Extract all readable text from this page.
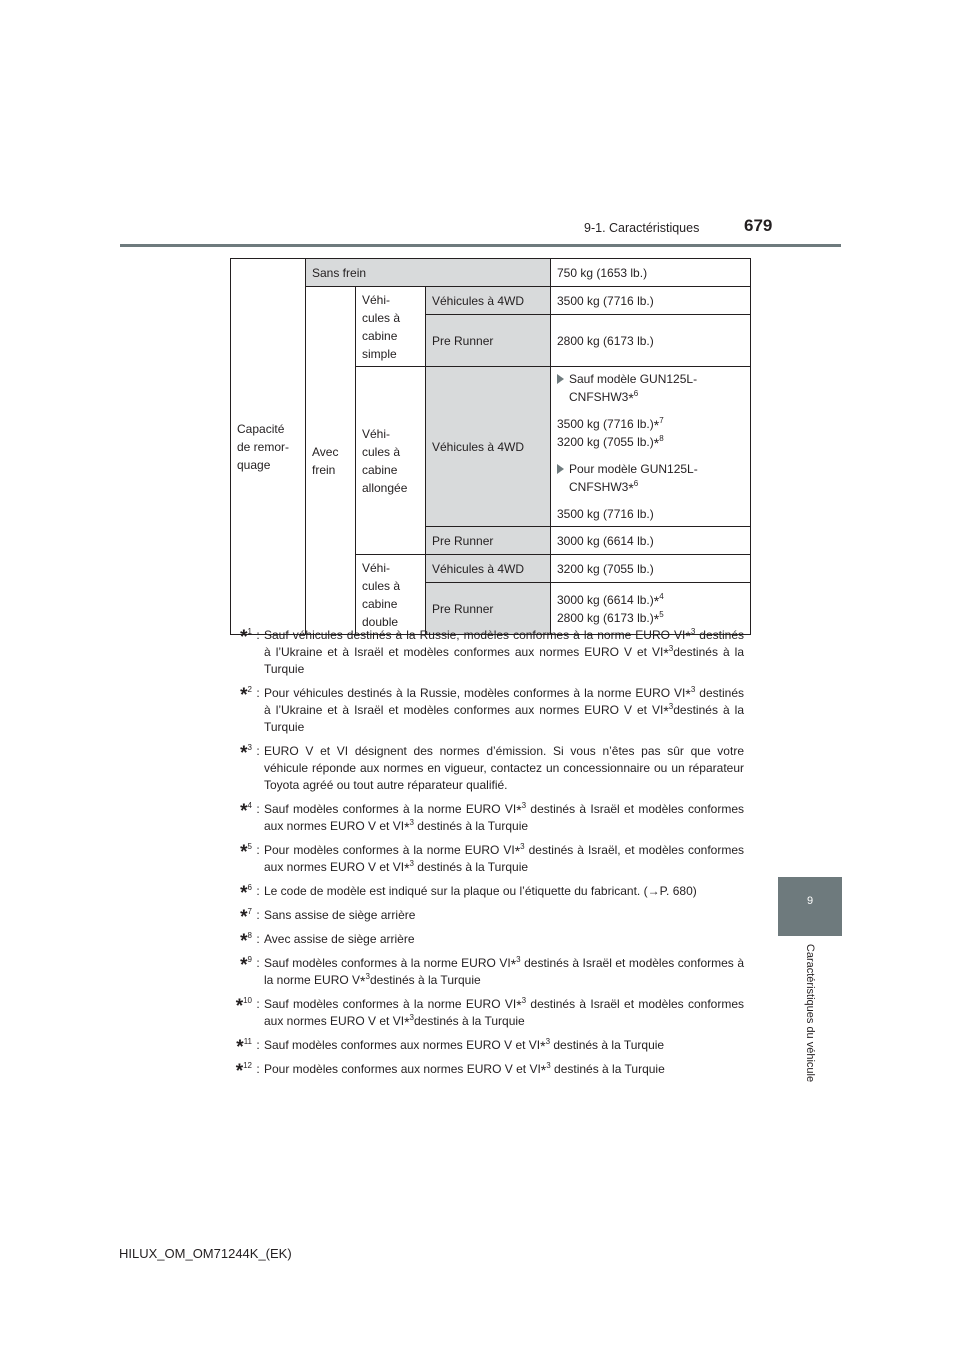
9-1. Caractéristiques	679
9
Caractéristiques du véhicule
Capacité de remor- quage	Sans frein			750 kg (1653 lb.)
	Avec frein	Véhi- cules à cabine simple	Véhicules à 4WD	3500 kg (7716 lb.)
			Pre Runner	2800 kg (6173 lb.)
		Véhi- cules à cabine allongée	Véhicules à 4WD	Sauf modèle GUN125L-CNFSHW3*$^6$
3500 kg (7716 lb.)*$^7$
3200 kg (7055 lb.)*$^8$
Pour modèle GUN125L-CNFSHW3*$^6$
3500 kg (7716 lb.)

			Pre Runner	3000 kg (6614 lb.)
		Véhi- cules à cabine double	Véhicules à 4WD	3200 kg (7055 lb.)
			Pre Runner	3000 kg (6614 lb.)*$^4$
2800 kg (6173 lb.)*$^5$
*$^1$ : Sauf véhicules destinés à la Russie, modèles conformes à la norme EURO VI*$^3$ destinés à l’Ukraine et à Israël et modèles conformes aux normes EURO V et VI*$^3$destinés à la Turquie
*$^2$ : Pour véhicules destinés à la Russie, modèles conformes à la norme EURO VI*$^3$ destinés à l’Ukraine et à Israël et modèles conformes aux normes EURO V et VI*$^3$destinés à la Turquie
*$^3$ : EURO V et VI désignent des normes d’émission. Si vous n’êtes pas sûr que votre véhicule réponde aux normes en vigueur, contactez un concessionnaire ou un réparateur Toyota agréé ou tout autre réparateur qualifié.
*$^4$ : Sauf modèles conformes à la norme EURO VI*$^3$ destinés à Israël et modèles conformes aux normes EURO V et VI*$^3$ destinés à la Turquie
*$^5$ : Pour modèles conformes à la norme EURO VI*$^3$ destinés à Israël, et modèles conformes aux normes EURO V et VI*$^3$ destinés à la Turquie
*$^6$ : Le code de modèle est indiqué sur la plaque ou l’étiquette du fabricant. (→P. 680)
*$^7$ : Sans assise de siège arrière
*$^8$ : Avec assise de siège arrière
*$^9$ : Sauf modèles conformes à la norme EURO VI*$^3$ destinés à Israël et modèles conformes à la norme EURO V*$^3$destinés à la Turquie
*$^{10}$ : Sauf modèles conformes à la norme EURO VI*$^3$ destinés à Israël et modèles conformes aux normes EURO V et VI*$^3$destinés à la Turquie
*$^{11}$ : Sauf modèles conformes aux normes EURO V et VI*$^3$ destinés à la Turquie
*$^{12}$ : Pour modèles conformes aux normes EURO V et VI*$^3$ destinés à la Turquie
HILUX_OM_OM71244K_(EK)
